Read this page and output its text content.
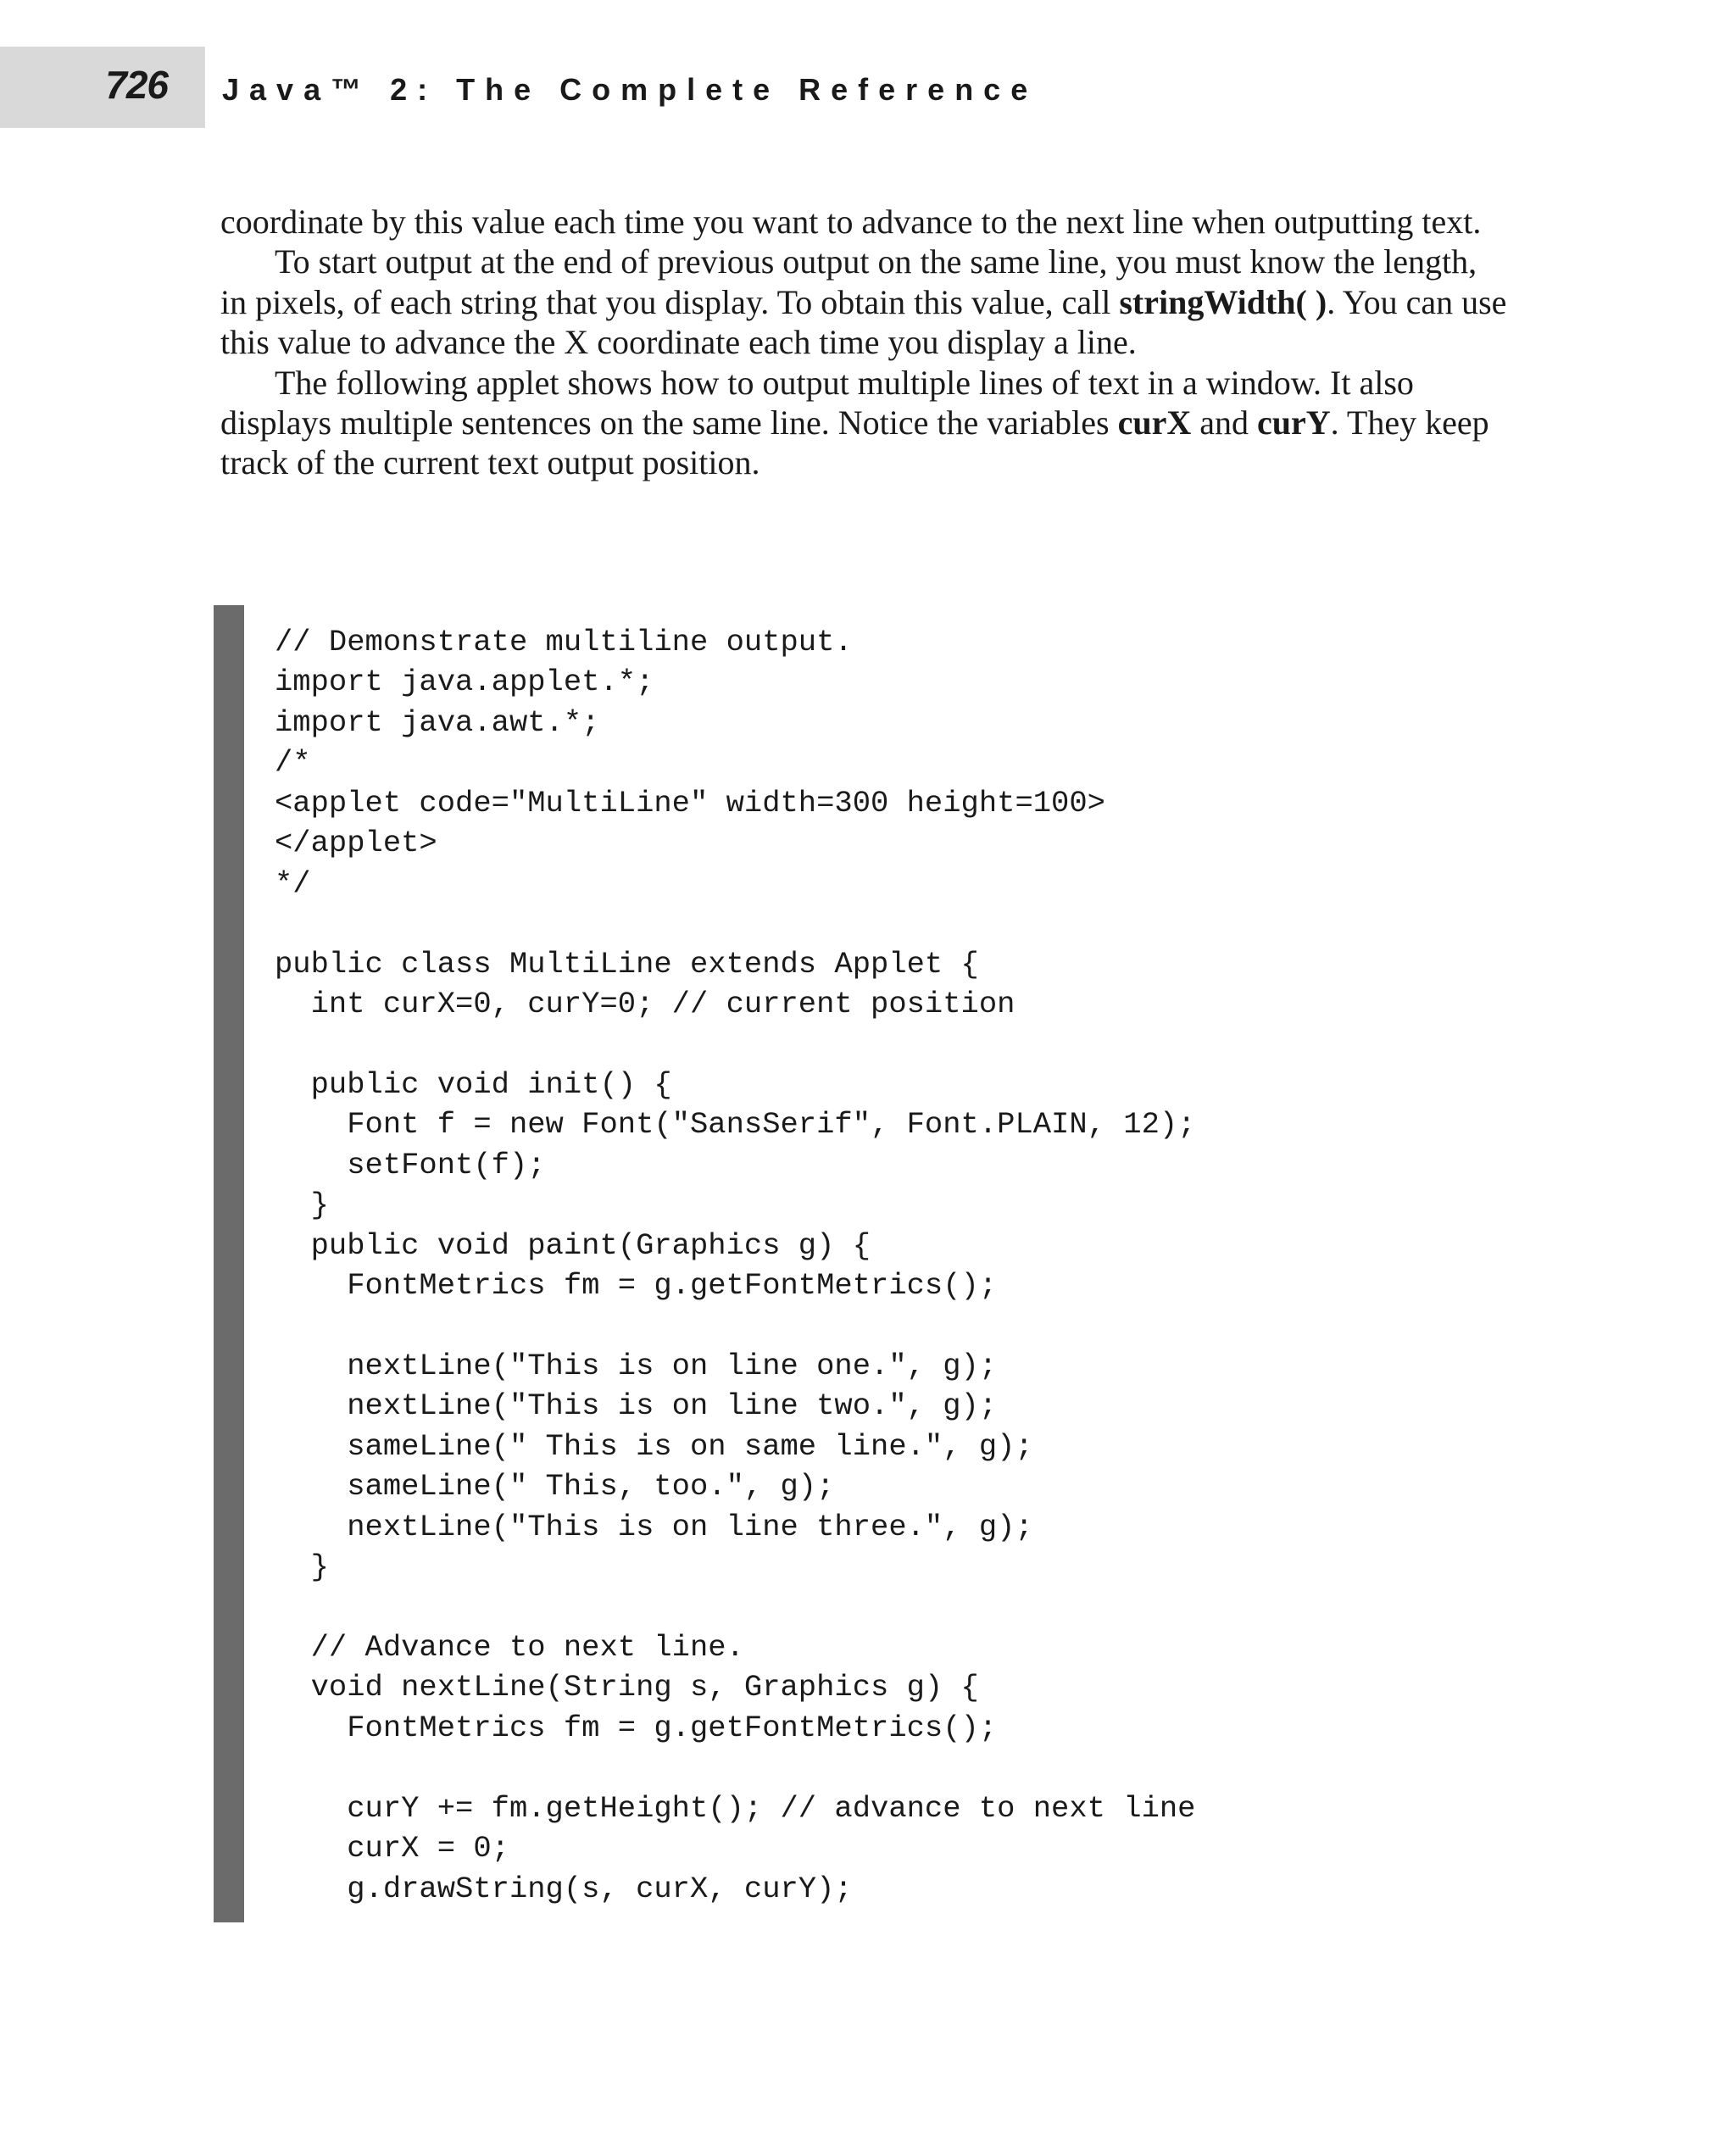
726 Java™ 2: The Complete Reference

coordinate by this value each time you want to advance to the next line when outputting text.

To start output at the end of previous output on the same line, you must know the length, in pixels, of each string that you display. To obtain this value, call stringWidth( ). You can use this value to advance the X coordinate each time you display a line.

The following applet shows how to output multiple lines of text in a window. It also displays multiple sentences on the same line. Notice the variables curX and curY. They keep track of the current text output position.

// Demonstrate multiline output.
import java.applet.*;
import java.awt.*;
/*
<applet code="MultiLine" width=300 height=100>
</applet>
*/
public class MultiLine extends Applet {
int curX=0, curY=0; // current position
public void init() {
Font f = new Font("SansSerif", Font.PLAIN, 12);
setFont(f);
}
public void paint(Graphics g) {
FontMetrics fm = g.getFontMetrics();
nextLine("This is on line one.", g);
nextLine("This is on line two.", g);
sameLine(" This is on same line.", g);
sameLine(" This, too.", g);
nextLine("This is on line three.", g);
}
// Advance to next line.
void nextLine(String s, Graphics g) {
FontMetrics fm = g.getFontMetrics();
curY += fm.getHeight(); // advance to next line
curX = 0;
g.drawString(s, curX, curY);
